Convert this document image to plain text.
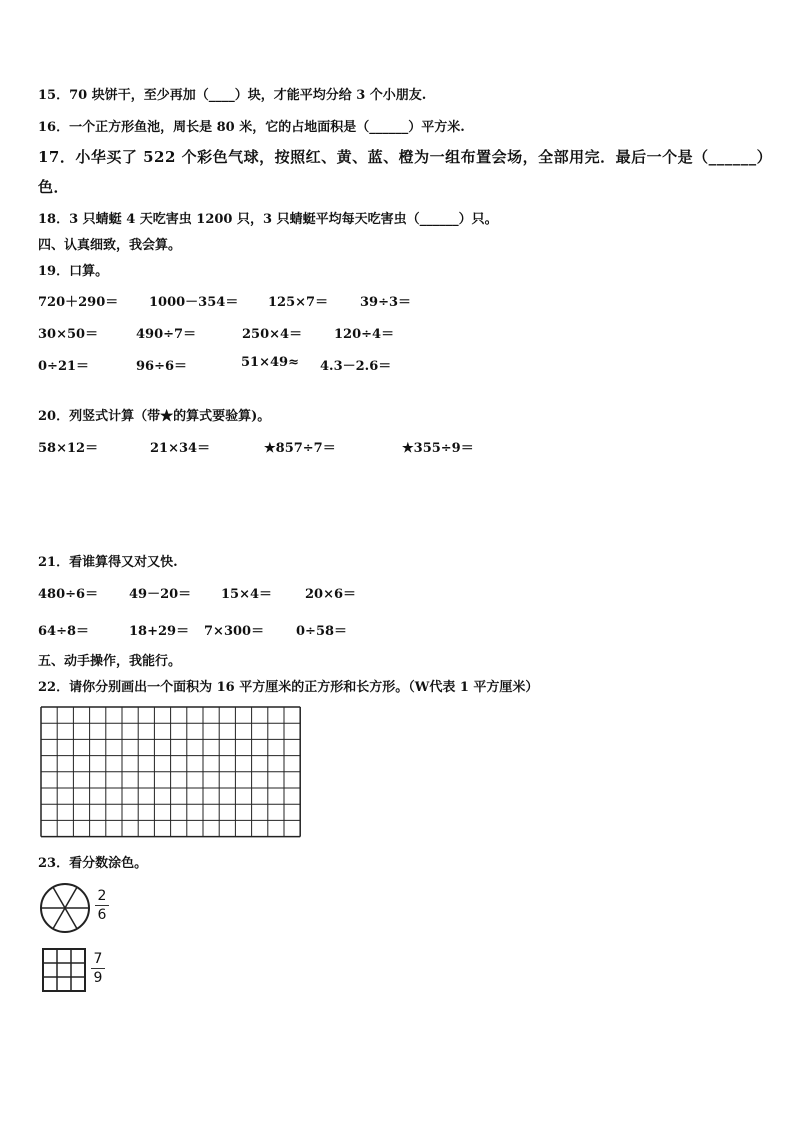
15．70 块饼干，至少再加（____）块，才能平均分给 3 个小朋友.
16．一个正方形鱼池，周长是 80 米，它的占地面积是（______）平方米.
17．小华买了 522 个彩色气球，按照红、黄、蓝、橙为一组布置会场，全部用完．最后一个是（______）
色．
18．3 只蜻蜓 4 天吃害虫 1200 只，3 只蜻蜓平均每天吃害虫（______）只。
四、认真细致，我会算。
19．口算。
720＋290＝ 1000－354＝ 125×7＝ 39÷3＝
30×50＝	490÷7＝	250×4＝ 120÷4＝
0÷21＝	96÷6＝	51×49≈ 4.3－2.6＝
20．列竖式计算（带★的算式要验算)。
58×12＝	21×34＝	★857÷7＝	★355÷9＝
21．看谁算得又对又快.
480÷6＝ 49－20＝ 15×4＝	20×6＝
64÷8＝	18+29＝ 7×300＝ 0÷58＝
五、动手操作，我能行。
22．请你分别画出一个面积为 16 平方厘米的正方形和长方形。（W代表 1 平方厘米）
23．看分数涂色。
2
6
7
9
